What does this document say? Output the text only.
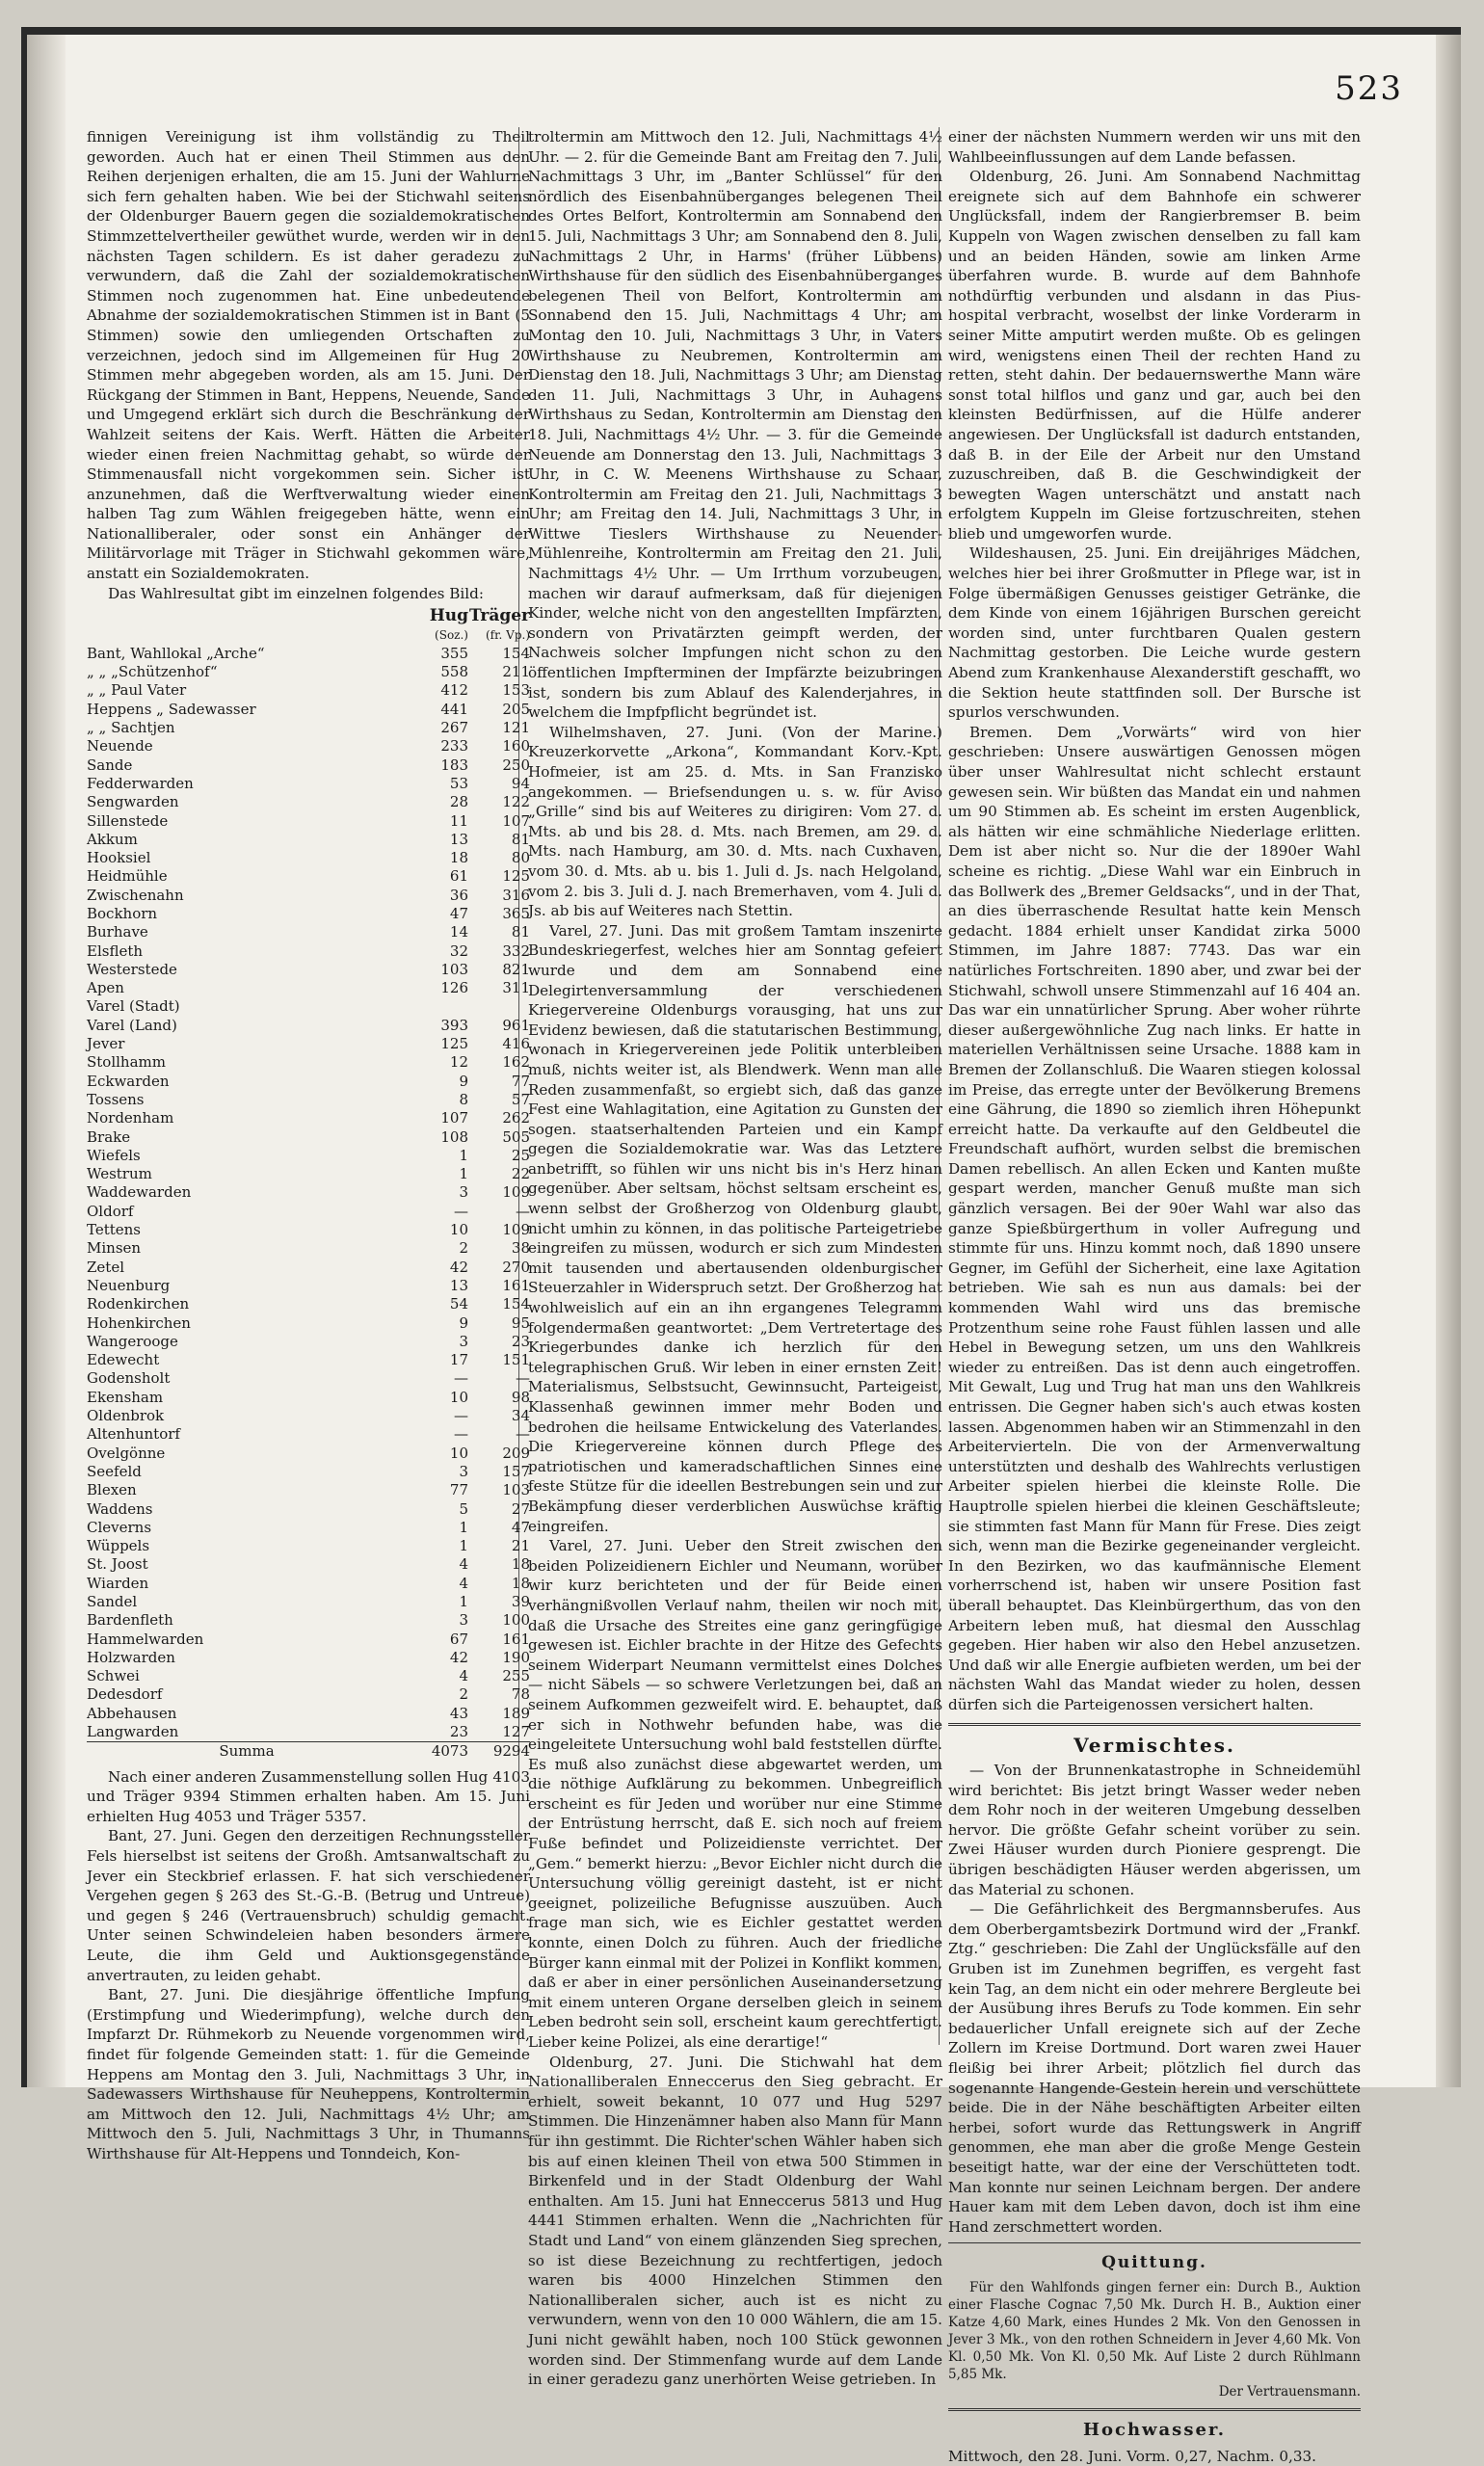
523

finnigen Vereinigung ist ihm vollständig zu Theil geworden. Auch hat er einen Theil Stimmen aus den Reihen derjenigen erhalten, die am 15. Juni der Wahlurne sich fern gehalten haben. Wie bei der Stichwahl seitens der Oldenburger Bauern gegen die sozialdemokratischen Stimmzettelvertheiler gewüthet wurde, werden wir in den nächsten Tagen schildern. Es ist daher geradezu zu verwundern, daß die Zahl der sozialdemokratischen Stimmen noch zugenommen hat. Eine unbedeutende Abnahme der sozialdemokratischen Stimmen ist in Bant (5 Stimmen) sowie den umliegenden Ortschaften zu verzeichnen, jedoch sind im Allgemeinen für Hug 20 Stimmen mehr abgegeben worden, als am 15. Juni. Der Rückgang der Stimmen in Bant, Heppens, Neuende, Sande und Umgegend erklärt sich durch die Beschränkung der Wahlzeit seitens der Kais. Werft. Hätten die Arbeiter wieder einen freien Nachmittag gehabt, so würde der Stimmenausfall nicht vorgekommen sein. Sicher ist anzunehmen, daß die Werftverwaltung wieder einen halben Tag zum Wählen freigegeben hätte, wenn ein Nationalliberaler, oder sonst ein Anhänger der Militärvorlage mit Träger in Stichwahl gekommen wäre, anstatt ein Sozialdemokraten.

Das Wahlresultat gibt im einzelnen folgendes Bild:

	Hug	Träger
	(Soz.)	(fr. Vp.)
Bant, Wahllokal „Arche“	355	154
„ „ „Schützenhof“	558	211
„ „ Paul Vater	412	153
Heppens „ Sadewasser	441	205
„ „ Sachtjen	267	121
Neuende	233	160
Sande	183	250
Fedderwarden	53	94
Sengwarden	28	122
Sillenstede	11	107
Akkum	13	81
Hooksiel	18	80
Heidmühle	61	125
Zwischenahn	36	316
Bockhorn	47	365
Burhave	14	81
Elsfleth	32	332
Westerstede	103	821
Apen	126	311
Varel (Stadt)		
Varel (Land)	393	961
Jever	125	416
Stollhamm	12	162
Eckwarden	9	77
Tossens	8	57
Nordenham	107	262
Brake	108	505
Wiefels	1	25
Westrum	1	22
Waddewarden	3	109
Oldorf	—	—
Tettens	10	109
Minsen	2	38
Zetel	42	270
Neuenburg	13	161
Rodenkirchen	54	154
Hohenkirchen	9	95
Wangerooge	3	23
Edewecht	17	151
Godensholt	—	—
Ekensham	10	98
Oldenbrok	—	34
Altenhuntorf	—	—
Ovelgönne	10	209
Seefeld	3	157
Blexen	77	103
Waddens	5	27
Cleverns	1	47
Wüppels	1	21
St. Joost	4	18
Wiarden	4	18
Sandel	1	39
Bardenfleth	3	100
Hammelwarden	67	161
Holzwarden	42	190
Schwei	4	255
Dedesdorf	2	78
Abbehausen	43	189
Langwarden	23	127
Summa	4073	9294

Nach einer anderen Zusammenstellung sollen Hug 4103 und Träger 9394 Stimmen erhalten haben. Am 15. Juni erhielten Hug 4053 und Träger 5357.

Bant, 27. Juni. Gegen den derzeitigen Rechnungssteller Fels hierselbst ist seitens der Großh. Amtsanwaltschaft zu Jever ein Steckbrief erlassen. F. hat sich verschiedener Vergehen gegen § 263 des St.-G.-B. (Betrug und Untreue) und gegen § 246 (Vertrauensbruch) schuldig gemacht. Unter seinen Schwindeleien haben besonders ärmere Leute, die ihm Geld und Auktionsgegenstände anvertrauten, zu leiden gehabt.

Bant, 27. Juni. Die diesjährige öffentliche Impfung (Erstimpfung und Wiederimpfung), welche durch den Impfarzt Dr. Rühmekorb zu Neuende vorgenommen wird, findet für folgende Gemeinden statt: 1. für die Gemeinde Heppens am Montag den 3. Juli, Nachmittags 3 Uhr, in Sadewassers Wirthshause für Neuheppens, Kontroltermin am Mittwoch den 12. Juli, Nachmittags 4½ Uhr; am Mittwoch den 5. Juli, Nachmittags 3 Uhr, in Thumanns Wirthshause für Alt-Heppens und Tonndeich, Kon-

troltermin am Mittwoch den 12. Juli, Nachmittags 4½ Uhr. — 2. für die Gemeinde Bant am Freitag den 7. Juli, Nachmittags 3 Uhr, im „Banter Schlüssel“ für den nördlich des Eisenbahnüberganges belegenen Theil des Ortes Belfort, Kontroltermin am Sonnabend den 15. Juli, Nachmittags 3 Uhr; am Sonnabend den 8. Juli, Nachmittags 2 Uhr, in Harms' (früher Lübbens) Wirthshause für den südlich des Eisenbahnüberganges belegenen Theil von Belfort, Kontroltermin am Sonnabend den 15. Juli, Nachmittags 4 Uhr; am Montag den 10. Juli, Nachmittags 3 Uhr, in Vaters Wirthshause zu Neubremen, Kontroltermin am Dienstag den 18. Juli, Nachmittags 3 Uhr; am Dienstag den 11. Juli, Nachmittags 3 Uhr, in Auhagens Wirthshaus zu Sedan, Kontroltermin am Dienstag den 18. Juli, Nachmittags 4½ Uhr. — 3. für die Gemeinde Neuende am Donnerstag den 13. Juli, Nachmittags 3 Uhr, in C. W. Meenens Wirthshause zu Schaar, Kontroltermin am Freitag den 21. Juli, Nachmittags 3 Uhr; am Freitag den 14. Juli, Nachmittags 3 Uhr, in Wittwe Tieslers Wirthshause zu Neuender-Mühlenreihe, Kontroltermin am Freitag den 21. Juli, Nachmittags 4½ Uhr. — Um Irrthum vorzubeugen, machen wir darauf aufmerksam, daß für diejenigen Kinder, welche nicht von den angestellten Impfärzten, sondern von Privatärzten geimpft werden, der Nachweis solcher Impfungen nicht schon zu den öffentlichen Impfterminen der Impfärzte beizubringen ist, sondern bis zum Ablauf des Kalenderjahres, in welchem die Impfpflicht begründet ist.

Wilhelmshaven, 27. Juni. (Von der Marine.) Kreuzerkorvette „Arkona“, Kommandant Korv.-Kpt. Hofmeier, ist am 25. d. Mts. in San Franzisko angekommen. — Briefsendungen u. s. w. für Aviso „Grille“ sind bis auf Weiteres zu dirigiren: Vom 27. d. Mts. ab und bis 28. d. Mts. nach Bremen, am 29. d. Mts. nach Hamburg, am 30. d. Mts. nach Cuxhaven, vom 30. d. Mts. ab u. bis 1. Juli d. Js. nach Helgoland, vom 2. bis 3. Juli d. J. nach Bremerhaven, vom 4. Juli d. Js. ab bis auf Weiteres nach Stettin.

Varel, 27. Juni. Das mit großem Tamtam inszenirte Bundeskriegerfest, welches hier am Sonntag gefeiert wurde und dem am Sonnabend eine Delegirtenversammlung der verschiedenen Kriegervereine Oldenburgs vorausging, hat uns zur Evidenz bewiesen, daß die statutarischen Bestimmung, wonach in Kriegervereinen jede Politik unterbleiben muß, nichts weiter ist, als Blendwerk. Wenn man alle Reden zusammenfaßt, so ergiebt sich, daß das ganze Fest eine Wahlagitation, eine Agitation zu Gunsten der sogen. staatserhaltenden Parteien und ein Kampf gegen die Sozialdemokratie war. Was das Letztere anbetrifft, so fühlen wir uns nicht bis in's Herz hinan gegenüber. Aber seltsam, höchst seltsam erscheint es, wenn selbst der Großherzog von Oldenburg glaubt, nicht umhin zu können, in das politische Parteigetriebe eingreifen zu müssen, wodurch er sich zum Mindesten mit tausenden und abertausenden oldenburgischer Steuerzahler in Widerspruch setzt. Der Großherzog hat wohlweislich auf ein an ihn ergangenes Telegramm folgendermaßen geantwortet: „Dem Vertretertage des Kriegerbundes danke ich herzlich für den telegraphischen Gruß. Wir leben in einer ernsten Zeit! Materialismus, Selbstsucht, Gewinnsucht, Parteigeist, Klassenhaß gewinnen immer mehr Boden und bedrohen die heilsame Entwickelung des Vaterlandes. Die Kriegervereine können durch Pflege des patriotischen und kameradschaftlichen Sinnes eine feste Stütze für die ideellen Bestrebungen sein und zur Bekämpfung dieser verderblichen Auswüchse kräftig eingreifen.

Varel, 27. Juni. Ueber den Streit zwischen den beiden Polizeidienern Eichler und Neumann, worüber wir kurz berichteten und der für Beide einen verhängnißvollen Verlauf nahm, theilen wir noch mit, daß die Ursache des Streites eine ganz geringfügige gewesen ist. Eichler brachte in der Hitze des Gefechts seinem Widerpart Neumann vermittelst eines Dolches — nicht Säbels — so schwere Verletzungen bei, daß an seinem Aufkommen gezweifelt wird. E. behauptet, daß er sich in Nothwehr befunden habe, was die eingeleitete Untersuchung wohl bald feststellen dürfte. Es muß also zunächst diese abgewartet werden, um die nöthige Aufklärung zu bekommen. Unbegreiflich erscheint es für Jeden und worüber nur eine Stimme der Entrüstung herrscht, daß E. sich noch auf freiem Fuße befindet und Polizeidienste verrichtet. Der „Gem.“ bemerkt hierzu: „Bevor Eichler nicht durch die Untersuchung völlig gereinigt dasteht, ist er nicht geeignet, polizeiliche Befugnisse auszuüben. Auch frage man sich, wie es Eichler gestattet werden konnte, einen Dolch zu führen. Auch der friedliche Bürger kann einmal mit der Polizei in Konflikt kommen, daß er aber in einer persönlichen Auseinandersetzung mit einem unteren Organe derselben gleich in seinem Leben bedroht sein soll, erscheint kaum gerechtfertigt. Lieber keine Polizei, als eine derartige!“

Oldenburg, 27. Juni. Die Stichwahl hat dem Nationalliberalen Enneccerus den Sieg gebracht. Er erhielt, soweit bekannt, 10 077 und Hug 5297 Stimmen. Die Hinzenämner haben also Mann für Mann für ihn gestimmt. Die Richter'schen Wähler haben sich bis auf einen kleinen Theil von etwa 500 Stimmen in Birkenfeld und in der Stadt Oldenburg der Wahl enthalten. Am 15. Juni hat Enneccerus 5813 und Hug 4441 Stimmen erhalten. Wenn die „Nachrichten für Stadt und Land“ von einem glänzenden Sieg sprechen, so ist diese Bezeichnung zu rechtfertigen, jedoch waren bis 4000 Hinzelchen Stimmen den Nationalliberalen sicher, auch ist es nicht zu verwundern, wenn von den 10 000 Wählern, die am 15. Juni nicht gewählt haben, noch 100 Stück gewonnen worden sind. Der Stimmenfang wurde auf dem Lande in einer geradezu ganz unerhörten Weise getrieben. In

einer der nächsten Nummern werden wir uns mit den Wahlbeeinflussungen auf dem Lande befassen.

Oldenburg, 26. Juni. Am Sonnabend Nachmittag ereignete sich auf dem Bahnhofe ein schwerer Unglücksfall, indem der Rangierbremser B. beim Kuppeln von Wagen zwischen denselben zu fall kam und an beiden Händen, sowie am linken Arme überfahren wurde. B. wurde auf dem Bahnhofe nothdürftig verbunden und alsdann in das Pius-hospital verbracht, woselbst der linke Vorderarm in seiner Mitte amputirt werden mußte. Ob es gelingen wird, wenigstens einen Theil der rechten Hand zu retten, steht dahin. Der bedauernswerthe Mann wäre sonst total hilflos und ganz und gar, auch bei den kleinsten Bedürfnissen, auf die Hülfe anderer angewiesen. Der Unglücksfall ist dadurch entstanden, daß B. in der Eile der Arbeit nur den Umstand zuzuschreiben, daß B. die Geschwindigkeit der bewegten Wagen unterschätzt und anstatt nach erfolgtem Kuppeln im Gleise fortzuschreiten, stehen blieb und umgeworfen wurde.

Wildeshausen, 25. Juni. Ein dreijähriges Mädchen, welches hier bei ihrer Großmutter in Pflege war, ist in Folge übermäßigen Genusses geistiger Getränke, die dem Kinde von einem 16jährigen Burschen gereicht worden sind, unter furchtbaren Qualen gestern Nachmittag gestorben. Die Leiche wurde gestern Abend zum Krankenhause Alexanderstift geschafft, wo die Sektion heute stattfinden soll. Der Bursche ist spurlos verschwunden.

Bremen. Dem „Vorwärts“ wird von hier geschrieben: Unsere auswärtigen Genossen mögen über unser Wahlresultat nicht schlecht erstaunt gewesen sein. Wir büßten das Mandat ein und nahmen um 90 Stimmen ab. Es scheint im ersten Augenblick, als hätten wir eine schmähliche Niederlage erlitten. Dem ist aber nicht so. Nur die der 1890er Wahl scheine es richtig. „Diese Wahl war ein Einbruch in das Bollwerk des „Bremer Geldsacks“, und in der That, an dies überraschende Resultat hatte kein Mensch gedacht. 1884 erhielt unser Kandidat zirka 5000 Stimmen, im Jahre 1887: 7743. Das war ein natürliches Fortschreiten. 1890 aber, und zwar bei der Stichwahl, schwoll unsere Stimmenzahl auf 16 404 an. Das war ein unnatürlicher Sprung. Aber woher rührte dieser außergewöhnliche Zug nach links. Er hatte in materiellen Verhältnissen seine Ursache. 1888 kam in Bremen der Zollanschluß. Die Waaren stiegen kolossal im Preise, das erregte unter der Bevölkerung Bremens eine Gährung, die 1890 so ziemlich ihren Höhepunkt erreicht hatte. Da verkaufte auf den Geldbeutel die Freundschaft aufhört, wurden selbst die bremischen Damen rebellisch. An allen Ecken und Kanten mußte gespart werden, mancher Genuß mußte man sich gänzlich versagen. Bei der 90er Wahl war also das ganze Spießbürgerthum in voller Aufregung und stimmte für uns. Hinzu kommt noch, daß 1890 unsere Gegner, im Gefühl der Sicherheit, eine laxe Agitation betrieben. Wie sah es nun aus damals: bei der kommenden Wahl wird uns das bremische Protzenthum seine rohe Faust fühlen lassen und alle Hebel in Bewegung setzen, um uns den Wahlkreis wieder zu entreißen. Das ist denn auch eingetroffen. Mit Gewalt, Lug und Trug hat man uns den Wahlkreis entrissen. Die Gegner haben sich's auch etwas kosten lassen. Abgenommen haben wir an Stimmenzahl in den Arbeitervierteln. Die von der Armenverwaltung unterstützten und deshalb des Wahlrechts verlustigen Arbeiter spielen hierbei die kleinste Rolle. Die Hauptrolle spielen hierbei die kleinen Geschäftsleute; sie stimmten fast Mann für Mann für Frese. Dies zeigt sich, wenn man die Bezirke gegeneinander vergleicht. In den Bezirken, wo das kaufmännische Element vorherrschend ist, haben wir unsere Position fast überall behauptet. Das Kleinbürgerthum, das von den Arbeitern leben muß, hat diesmal den Ausschlag gegeben. Hier haben wir also den Hebel anzusetzen. Und daß wir alle Energie aufbieten werden, um bei der nächsten Wahl das Mandat wieder zu holen, dessen dürfen sich die Parteigenossen versichert halten.

Vermischtes.

— Von der Brunnenkatastrophe in Schneidemühl wird berichtet: Bis jetzt bringt Wasser weder neben dem Rohr noch in der weiteren Umgebung desselben hervor. Die größte Gefahr scheint vorüber zu sein. Zwei Häuser wurden durch Pioniere gesprengt. Die übrigen beschädigten Häuser werden abgerissen, um das Material zu schonen.

— Die Gefährlichkeit des Bergmannsberufes. Aus dem Oberbergamtsbezirk Dortmund wird der „Frankf. Ztg.“ geschrieben: Die Zahl der Unglücksfälle auf den Gruben ist im Zunehmen begriffen, es vergeht fast kein Tag, an dem nicht ein oder mehrere Bergleute bei der Ausübung ihres Berufs zu Tode kommen. Ein sehr bedauerlicher Unfall ereignete sich auf der Zeche Zollern im Kreise Dortmund. Dort waren zwei Hauer fleißig bei ihrer Arbeit; plötzlich fiel durch das sogenannte Hangende-Gestein herein und verschüttete beide. Die in der Nähe beschäftigten Arbeiter eilten herbei, sofort wurde das Rettungswerk in Angriff genommen, ehe man aber die große Menge Gestein beseitigt hatte, war der eine der Verschütteten todt. Man konnte nur seinen Leichnam bergen. Der andere Hauer kam mit dem Leben davon, doch ist ihm eine Hand zerschmettert worden.

Quittung.

Für den Wahlfonds gingen ferner ein: Durch B., Auktion einer Flasche Cognac 7,50 Mk. Durch H. B., Auktion einer Katze 4,60 Mark, eines Hundes 2 Mk. Von den Genossen in Jever 3 Mk., von den rothen Schneidern in Jever 4,60 Mk. Von Kl. 0,50 Mk. Von Kl. 0,50 Mk. Auf Liste 2 durch Rühlmann 5,85 Mk.

Der Vertrauensmann.
Hochwasser.

Mittwoch, den 28. Juni. Vorm. 0,27, Nachm. 0,33.
